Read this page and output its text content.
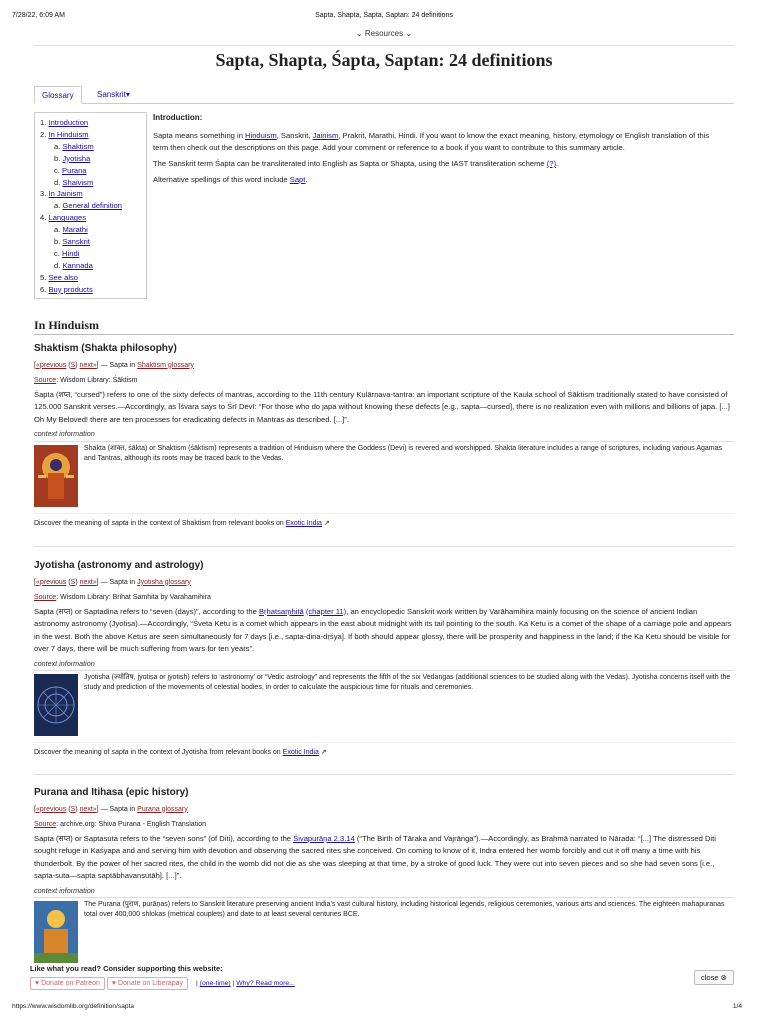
7/28/22, 6:09 AM	Sapta, Shapta, Śapta, Saptan: 24 definitions
⌄ Resources ⌄
Sapta, Shapta, Śapta, Saptan: 24 definitions
Glossary	Sanskrit▾
1. Introduction
2. In Hinduism
a. Shaktism
b. Jyotisha
c. Purana
d. Shaivism
3. In Jainism
a. General definition
4. Languages
a. Marathi
b. Sanskrit
c. Hindi
d. Kannada
5. See also
6. Buy products
Introduction:

Sapta means something in Hinduism, Sanskrit, Jainism, Prakrit, Marathi, Hindi. If you want to know the exact meaning, history, etymology or English translation of this term then check out the descriptions on this page. Add your comment or reference to a book if you want to contribute to this summary article.

The Sanskrit term Śapta can be transliterated into English as Sapta or Shapta, using the IAST transliteration scheme (?).

Alternative spellings of this word include Sapt.

In Hinduism
Shaktism (Shakta philosophy)
[«previous (S) next»] — Sapta in Shaktism glossary
Source: Wisdom Library: Śāktism

Śapta (शप्त, “cursed”) refers to one of the sixty defects of mantras, according to the 11th century Kulārṇava-tantra: an important scripture of the Kaula school of Śāktism traditionally stated to have consisted of 125.000 Sanskrit verses.—Accordingly, as Īśvara says to Śrī Devī: “For those who do japa without knowing these defects [e.g., sapta—cursed], there is no realization even with millions and billions of japa. [...] Oh My Beloved! there are ten processes for eradicating defects in Mantras as described. [...]”.

context information
Shakta (शाक्त, śākta) or Shaktism (śāktism) represents a tradition of Hinduism where the Goddess (Devi) is revered and worshipped. Shakta literature includes a range of scriptures, including various Agamas and Tantras, although its roots may be traced back to the Vedas.
Discover the meaning of sapta in the context of Shaktism from relevant books on Exotic India ↗
Jyotisha (astronomy and astrology)
[«previous (S) next»] — Sapta in Jyotisha glossary
Source: Wisdom Library: Brihat Samhita by Varahamihira

Sapta (सप्त) or Saptadina refers to “seven (days)”, according to the Bṛhatsaṃhitā (chapter 11), an encyclopedic Sanskrit work written by Varāhamihira mainly focusing on the science of ancient Indian astronomy astronomy (Jyotiṣa).—Accordingly, “Śveta Ketu is a comet which appears in the east about midnight with its tail pointing to the south. Ka Ketu is a comet of the shape of a carriage pole and appears in the west. Both the above Ketus are seen simultaneously for 7 days [i.e., sapta-dina-dṛśya]. If both should appear glossy, there will be prosperity and happiness in the land; if the Ka Ketu should be visible for over 7 days, there will be much suffering from wars for ten years”.

context information
Jyotisha (ज्योतिष, jyotiṣa or jyotish) refers to ‘astronomy’ or “Vedic astrology” and represents the fifth of the six Vedangas (additional sciences to be studied along with the Vedas). Jyotisha concerns itself with the study and prediction of the movements of celestial bodies, in order to calculate the auspicious time for rituals and ceremonies.
Discover the meaning of sapta in the context of Jyotisha from relevant books on Exotic India ↗
Purana and Itihasa (epic history)
[«previous (S) next»] — Sapta in Purana glossary
Source: archive.org: Shiva Purana - English Translation

Sapta (सप्त) or Saptasuta refers to the “seven sons” (of Diti), according to the Śivapurāṇa 2.3.14 (“The Birth of Tāraka and Vajrāṅga”).—Accordingly, as Brahmā narrated to Nārada: “[...] The distressed Diti sought refuge in Kaśyapa and and serving him with devotion and observing the sacred rites she conceived. On coming to know of it, Indra entered her womb forcibly and cut it off many a time with his thunderbolt. By the power of her sacred rites, the child in the womb did not die as she was sleeping at that time, by a stroke of good luck. They were cut into seven pieces and so she had seven sons [i.e., sapta-suta—sapta saptābhavansutāḥ]. [...]”.

context information
The Purana (पुराण, purāṇas) refers to Sanskrit literature preserving ancient India’s vast cultural history, including historical legends, religious ceremonies, various arts and sciences. The eighteen mahapuranas total over 400,000 shlokas (metrical couplets) and date to at least several centuries BCE.
Like what you read? Consider supporting this website:
♥ Donate on Patreon ♥ Donate on Liberapay | (one-time) | Why? Read more...
close ⊗
https://www.wisdomlib.org/definition/sapta	1/4
